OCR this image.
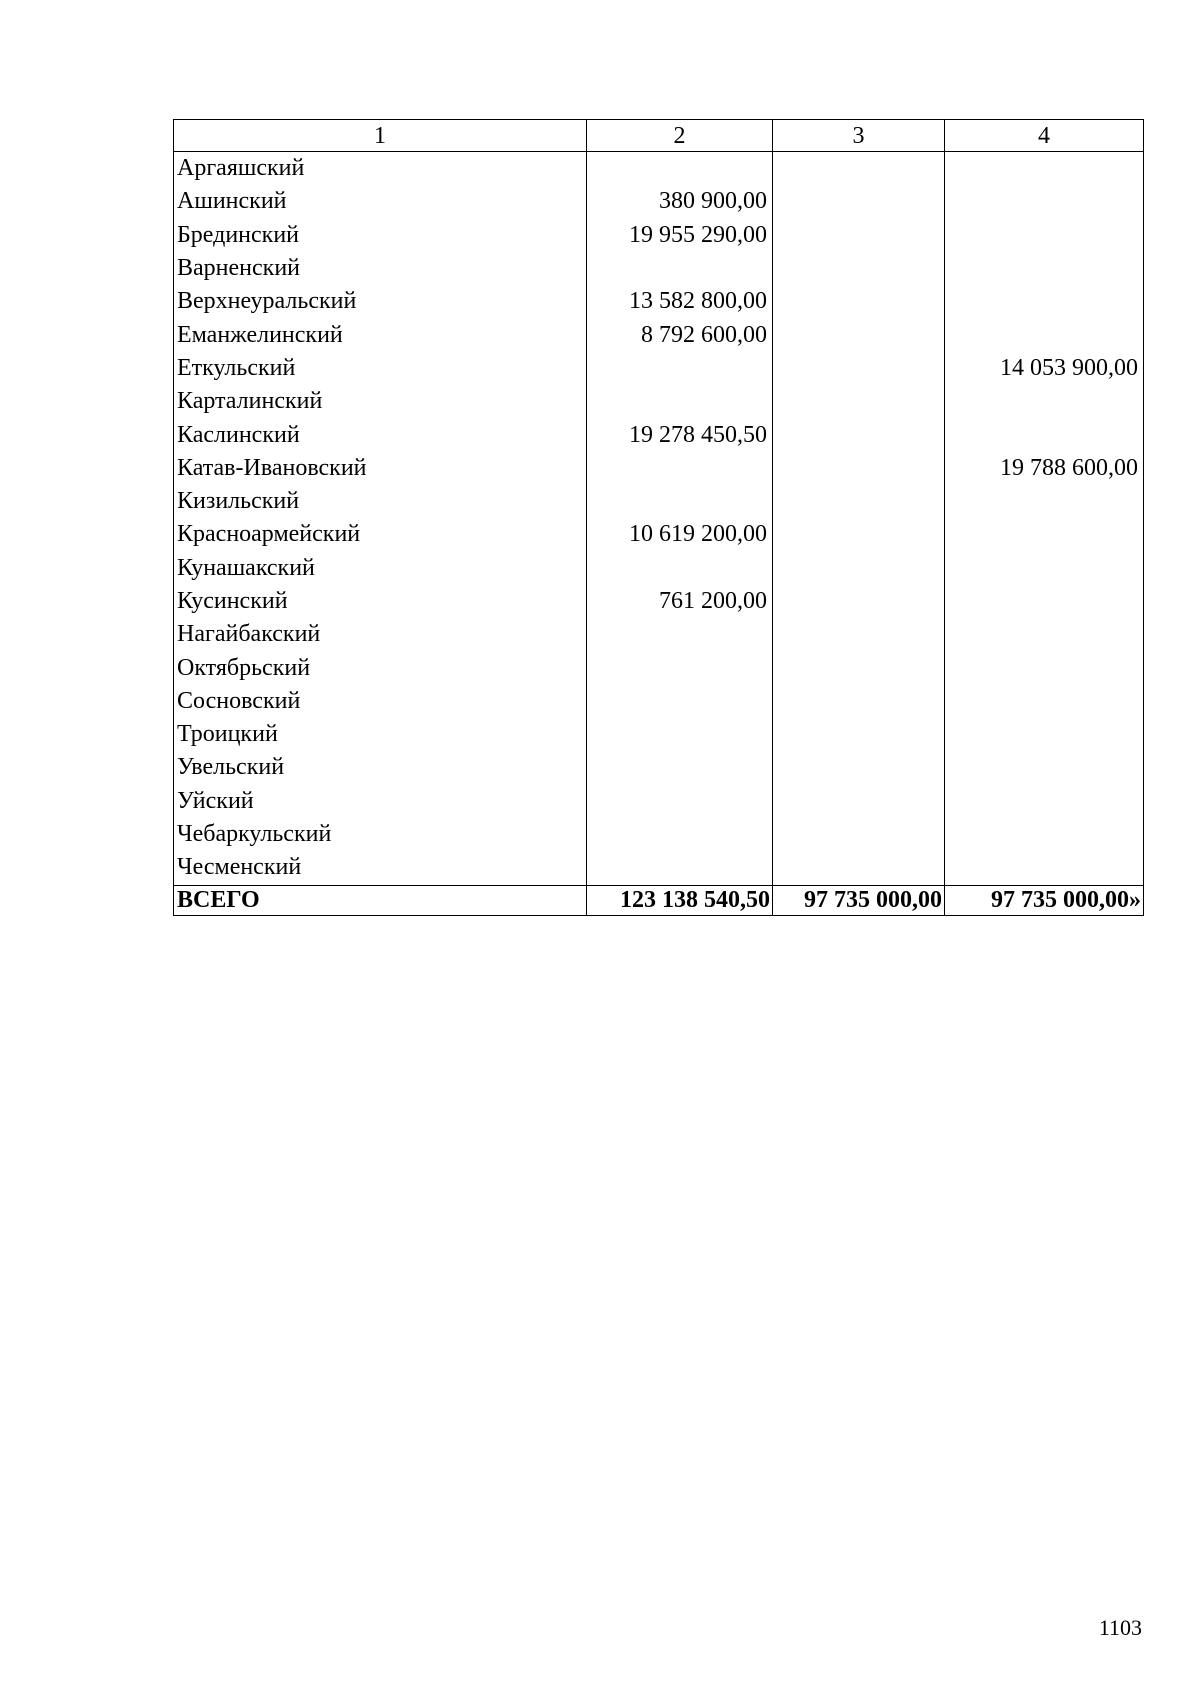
1	2	3	4
Аргаяшский			
Ашинский	380 900,00		
Брединский	19 955 290,00		
Варненский			
Верхнеуральский	13 582 800,00		
Еманжелинский	8 792 600,00		
Еткульский			14 053 900,00
Карталинский			
Каслинский	19 278 450,50		
Катав-Ивановский			19 788 600,00
Кизильский			
Красноармейский	10 619 200,00		
Кунашакский			
Кусинский	761 200,00		
Нагайбакский			
Октябрьский			
Сосновский			
Троицкий			
Увельский			
Уйский			
Чебаркульский			
Чесменский			
ВСЕГО	123 138 540,50	97 735 000,00	97 735 000,00»
1103
